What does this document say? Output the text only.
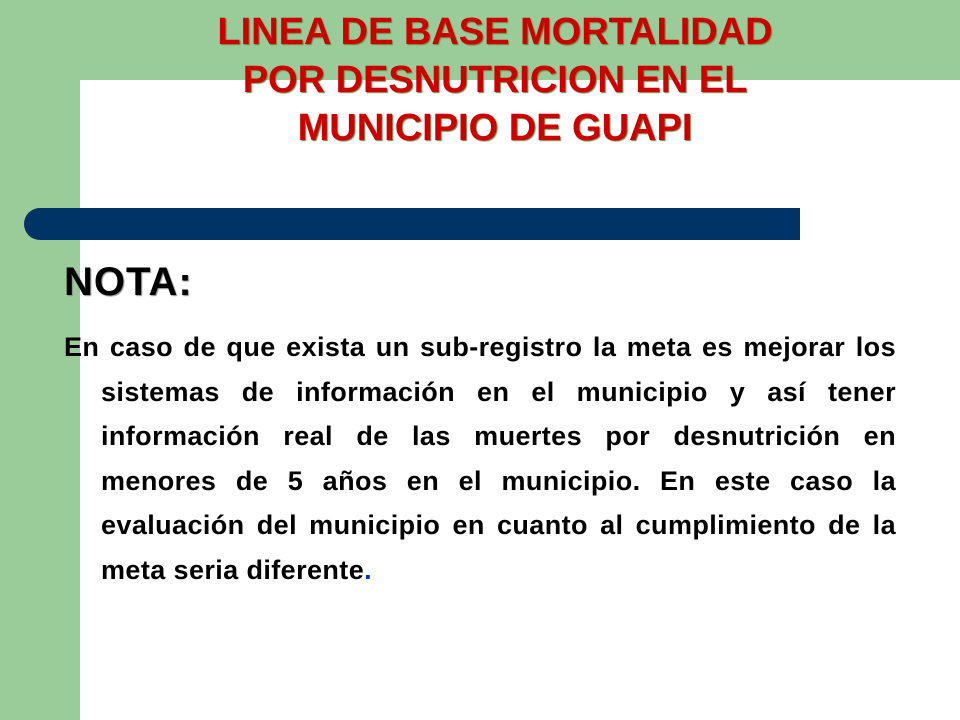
LINEA DE BASE MORTALIDAD
POR DESNUTRICION EN EL
MUNICIPIO DE GUAPI
NOTA:

En caso de que exista un sub-registro la meta es mejorar los sistemas de información en el municipio y así tener información real de las muertes por desnutrición en menores de 5 años en el municipio. En este caso la evaluación del municipio en cuanto al cumplimiento de la meta seria diferente.
